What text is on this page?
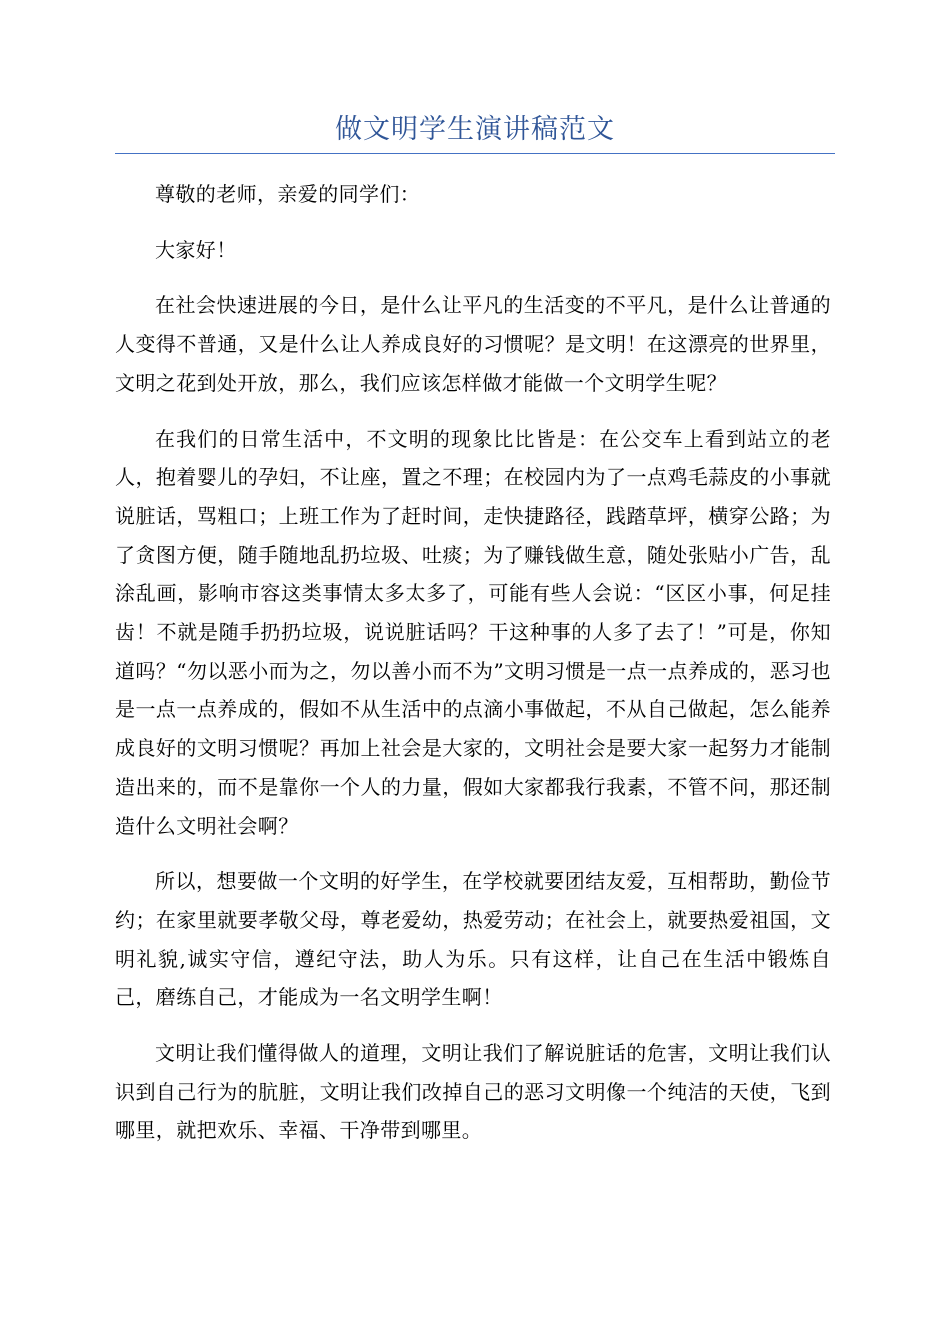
做文明学生演讲稿范文

尊敬的老师，亲爱的同学们：

大家好！

在社会快速进展的今日，是什么让平凡的生活变的不平凡，是什么让普通的人变得不普通，又是什么让人养成良好的习惯呢？是文明！在这漂亮的世界里，文明之花到处开放，那么，我们应该怎样做才能做一个文明学生呢？

在我们的日常生活中，不文明的现象比比皆是：在公交车上看到站立的老人，抱着婴儿的孕妇，不让座，置之不理；在校园内为了一点鸡毛蒜皮的小事就说脏话，骂粗口；上班工作为了赶时间，走快捷路径，践踏草坪，横穿公路；为了贪图方便，随手随地乱扔垃圾、吐痰；为了赚钱做生意，随处张贴小广告，乱涂乱画，影响市容这类事情太多太多了，可能有些人会说：“区区小事，何足挂齿！不就是随手扔扔垃圾，说说脏话吗？干这种事的人多了去了！”可是，你知道吗？“勿以恶小而为之，勿以善小而不为”文明习惯是一点一点养成的，恶习也是一点一点养成的，假如不从生活中的点滴小事做起，不从自己做起，怎么能养成良好的文明习惯呢？再加上社会是大家的，文明社会是要大家一起努力才能制造出来的，而不是靠你一个人的力量，假如大家都我行我素，不管不问，那还制造什么文明社会啊？

所以，想要做一个文明的好学生，在学校就要团结友爱，互相帮助，勤俭节约；在家里就要孝敬父母，尊老爱幼，热爱劳动；在社会上，就要热爱祖国，文明礼貌,诚实守信，遵纪守法，助人为乐。只有这样，让自己在生活中锻炼自己，磨练自己，才能成为一名文明学生啊！

文明让我们懂得做人的道理，文明让我们了解说脏话的危害，文明让我们认识到自己行为的肮脏，文明让我们改掉自己的恶习文明像一个纯洁的天使，飞到哪里，就把欢乐、幸福、干净带到哪里。
